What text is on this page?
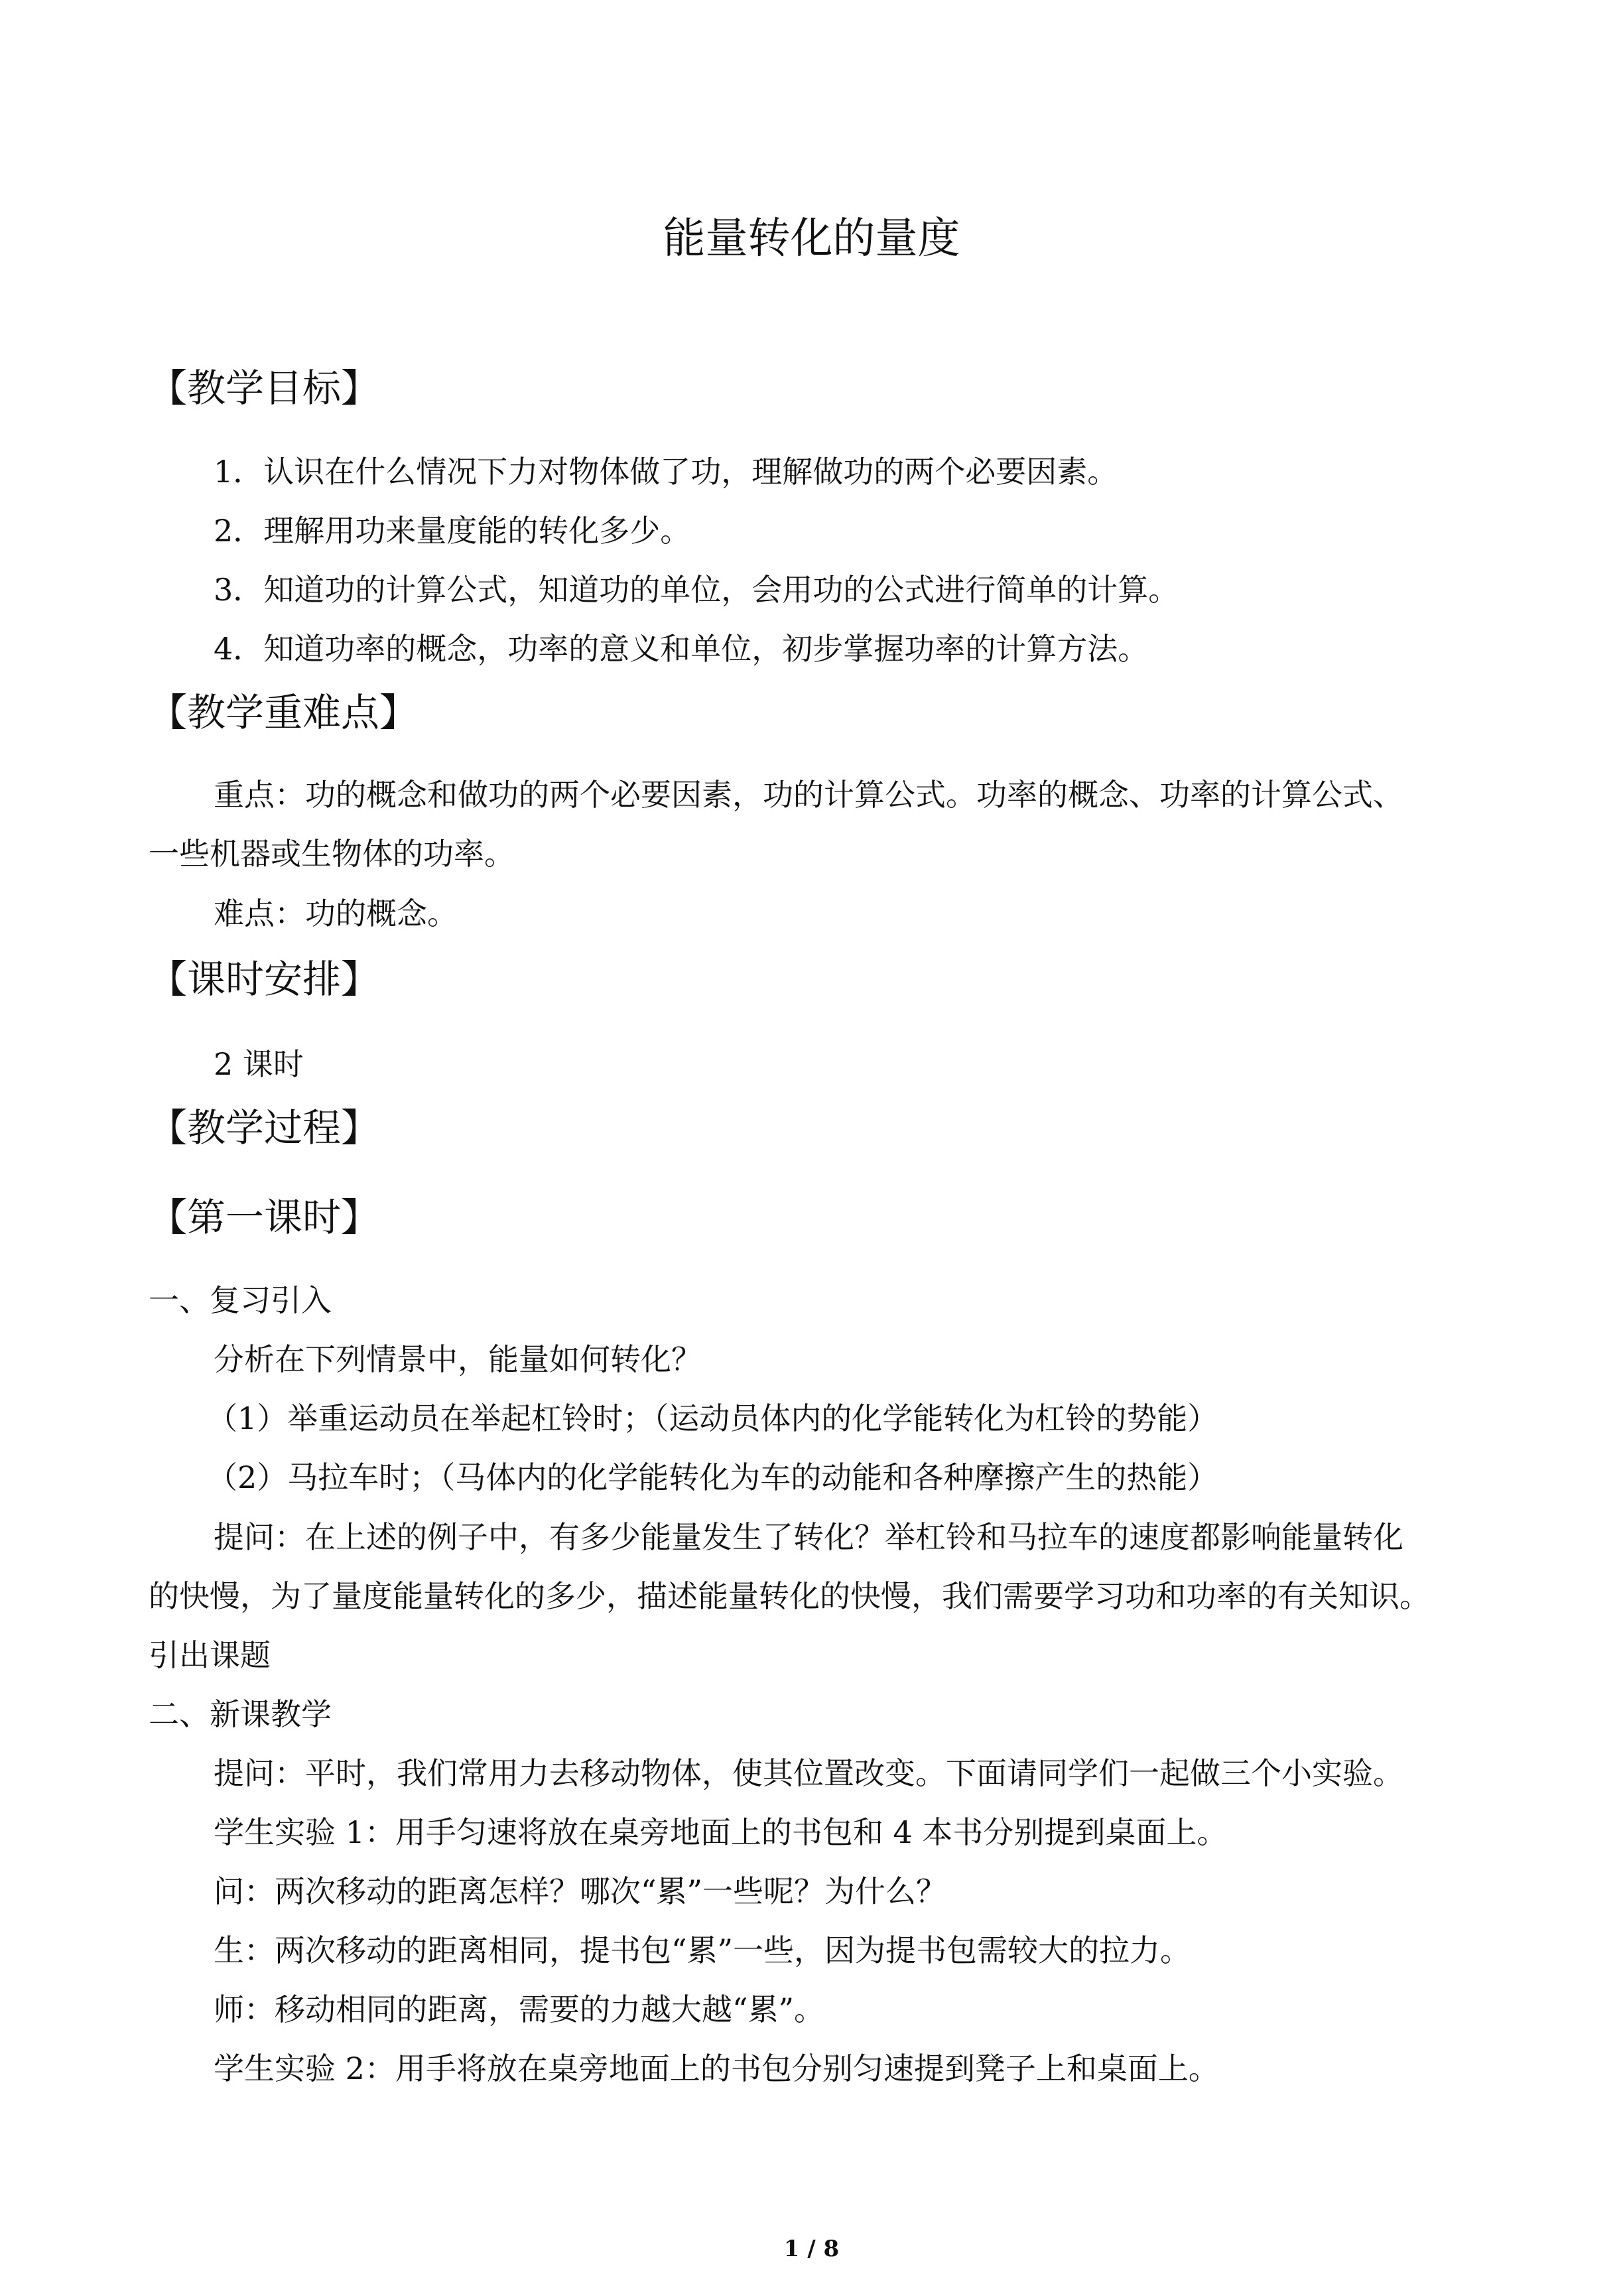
能量转化的量度
【教学目标】
1．认识在什么情况下力对物体做了功，理解做功的两个必要因素。
2．理解用功来量度能的转化多少。
3．知道功的计算公式，知道功的单位，会用功的公式进行简单的计算。
4．知道功率的概念，功率的意义和单位，初步掌握功率的计算方法。
【教学重难点】
重点：功的概念和做功的两个必要因素，功的计算公式。功率的概念、功率的计算公式、
一些机器或生物体的功率。
难点：功的概念。
【课时安排】
2 课时
【教学过程】
【第一课时】
一、复习引入
分析在下列情景中，能量如何转化？
（1）举重运动员在举起杠铃时；（运动员体内的化学能转化为杠铃的势能）
（2）马拉车时；（马体内的化学能转化为车的动能和各种摩擦产生的热能）
提问：在上述的例子中，有多少能量发生了转化？举杠铃和马拉车的速度都影响能量转化
的快慢，为了量度能量转化的多少，描述能量转化的快慢，我们需要学习功和功率的有关知识。
引出课题
二、新课教学
提问：平时，我们常用力去移动物体，使其位置改变。下面请同学们一起做三个小实验。
学生实验 1：用手匀速将放在桌旁地面上的书包和 4 本书分别提到桌面上。
问：两次移动的距离怎样？哪次“累”一些呢？为什么？
生：两次移动的距离相同，提书包“累”一些，因为提书包需较大的拉力。
师：移动相同的距离，需要的力越大越“累”。
学生实验 2：用手将放在桌旁地面上的书包分别匀速提到凳子上和桌面上。
1 / 8
